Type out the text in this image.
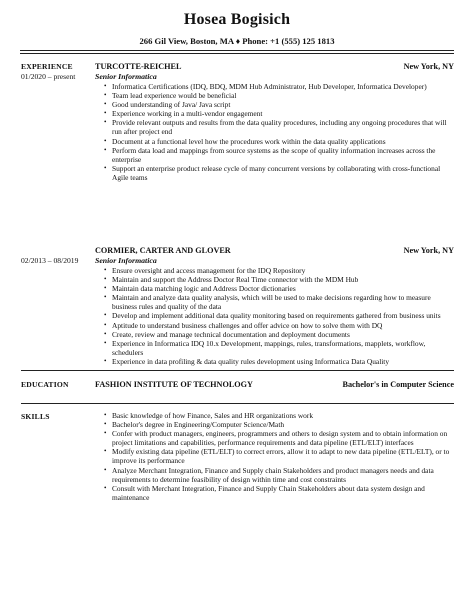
Hosea Bogisich
266 Gil View, Boston, MA ♦ Phone: +1 (555) 125 1813
EXPERIENCE
01/2020 – present
TURCOTTE-REICHEL	New York, NY
Senior Informatica
• Informatica Certifications (IDQ, BDQ, MDM Hub Administrator, Hub Developer, Informatica Developer)
• Team lead experience would be beneficial
• Good understanding of Java/ Java script
• Experience working in a multi-vendor engagement
• Provide relevant outputs and results from the data quality procedures, including any ongoing procedures that will run after project end
• Document at a functional level how the procedures work within the data quality applications
• Perform data load and mappings from source systems as the scope of quality information increases across the enterprise
• Support an enterprise product release cycle of many concurrent versions by collaborating with cross-functional Agile teams
02/2013 – 08/2019
CORMIER, CARTER AND GLOVER	New York, NY
Senior Informatica
• Ensure oversight and access management for the IDQ Repository
• Maintain and support the Address Doctor Real Time connector with the MDM Hub
• Maintain data matching logic and Address Doctor dictionaries
• Maintain and analyze data quality analysis, which will be used to make decisions regarding how to measure business rules and quality of the data
• Develop and implement additional data quality monitoring based on requirements gathered from business units
• Aptitude to understand business challenges and offer advice on how to solve them with DQ
• Create, review and manage technical documentation and deployment documents
• Experience in Informatica IDQ 10.x Development, mappings, rules, transformations, mapplets, workflow, schedulers
• Experience in data profiling & data quality rules development using Informatica Data Quality
EDUCATION	FASHION INSTITUTE OF TECHNOLOGY	Bachelor's in Computer Science
SKILLS
•	Basic knowledge of how Finance, Sales and HR organizations work
• Bachelor's degree in Engineering/Computer Science/Math
• Confer with product managers, engineers, programmers and others to design system and to obtain information on project limitations and capabilities, performance requirements and data pipeline (ETL/ELT) interfaces
• Modify existing data pipeline (ETL/ELT) to correct errors, allow it to adapt to new data pipeline (ETL/ELT), or to improve its performance
• Analyze Merchant Integration, Finance and Supply chain Stakeholders and product managers needs and data requirements to determine feasibility of design within time and cost constraints
• Consult with Merchant Integration, Finance and Supply Chain Stakeholders about data system design and maintenance
